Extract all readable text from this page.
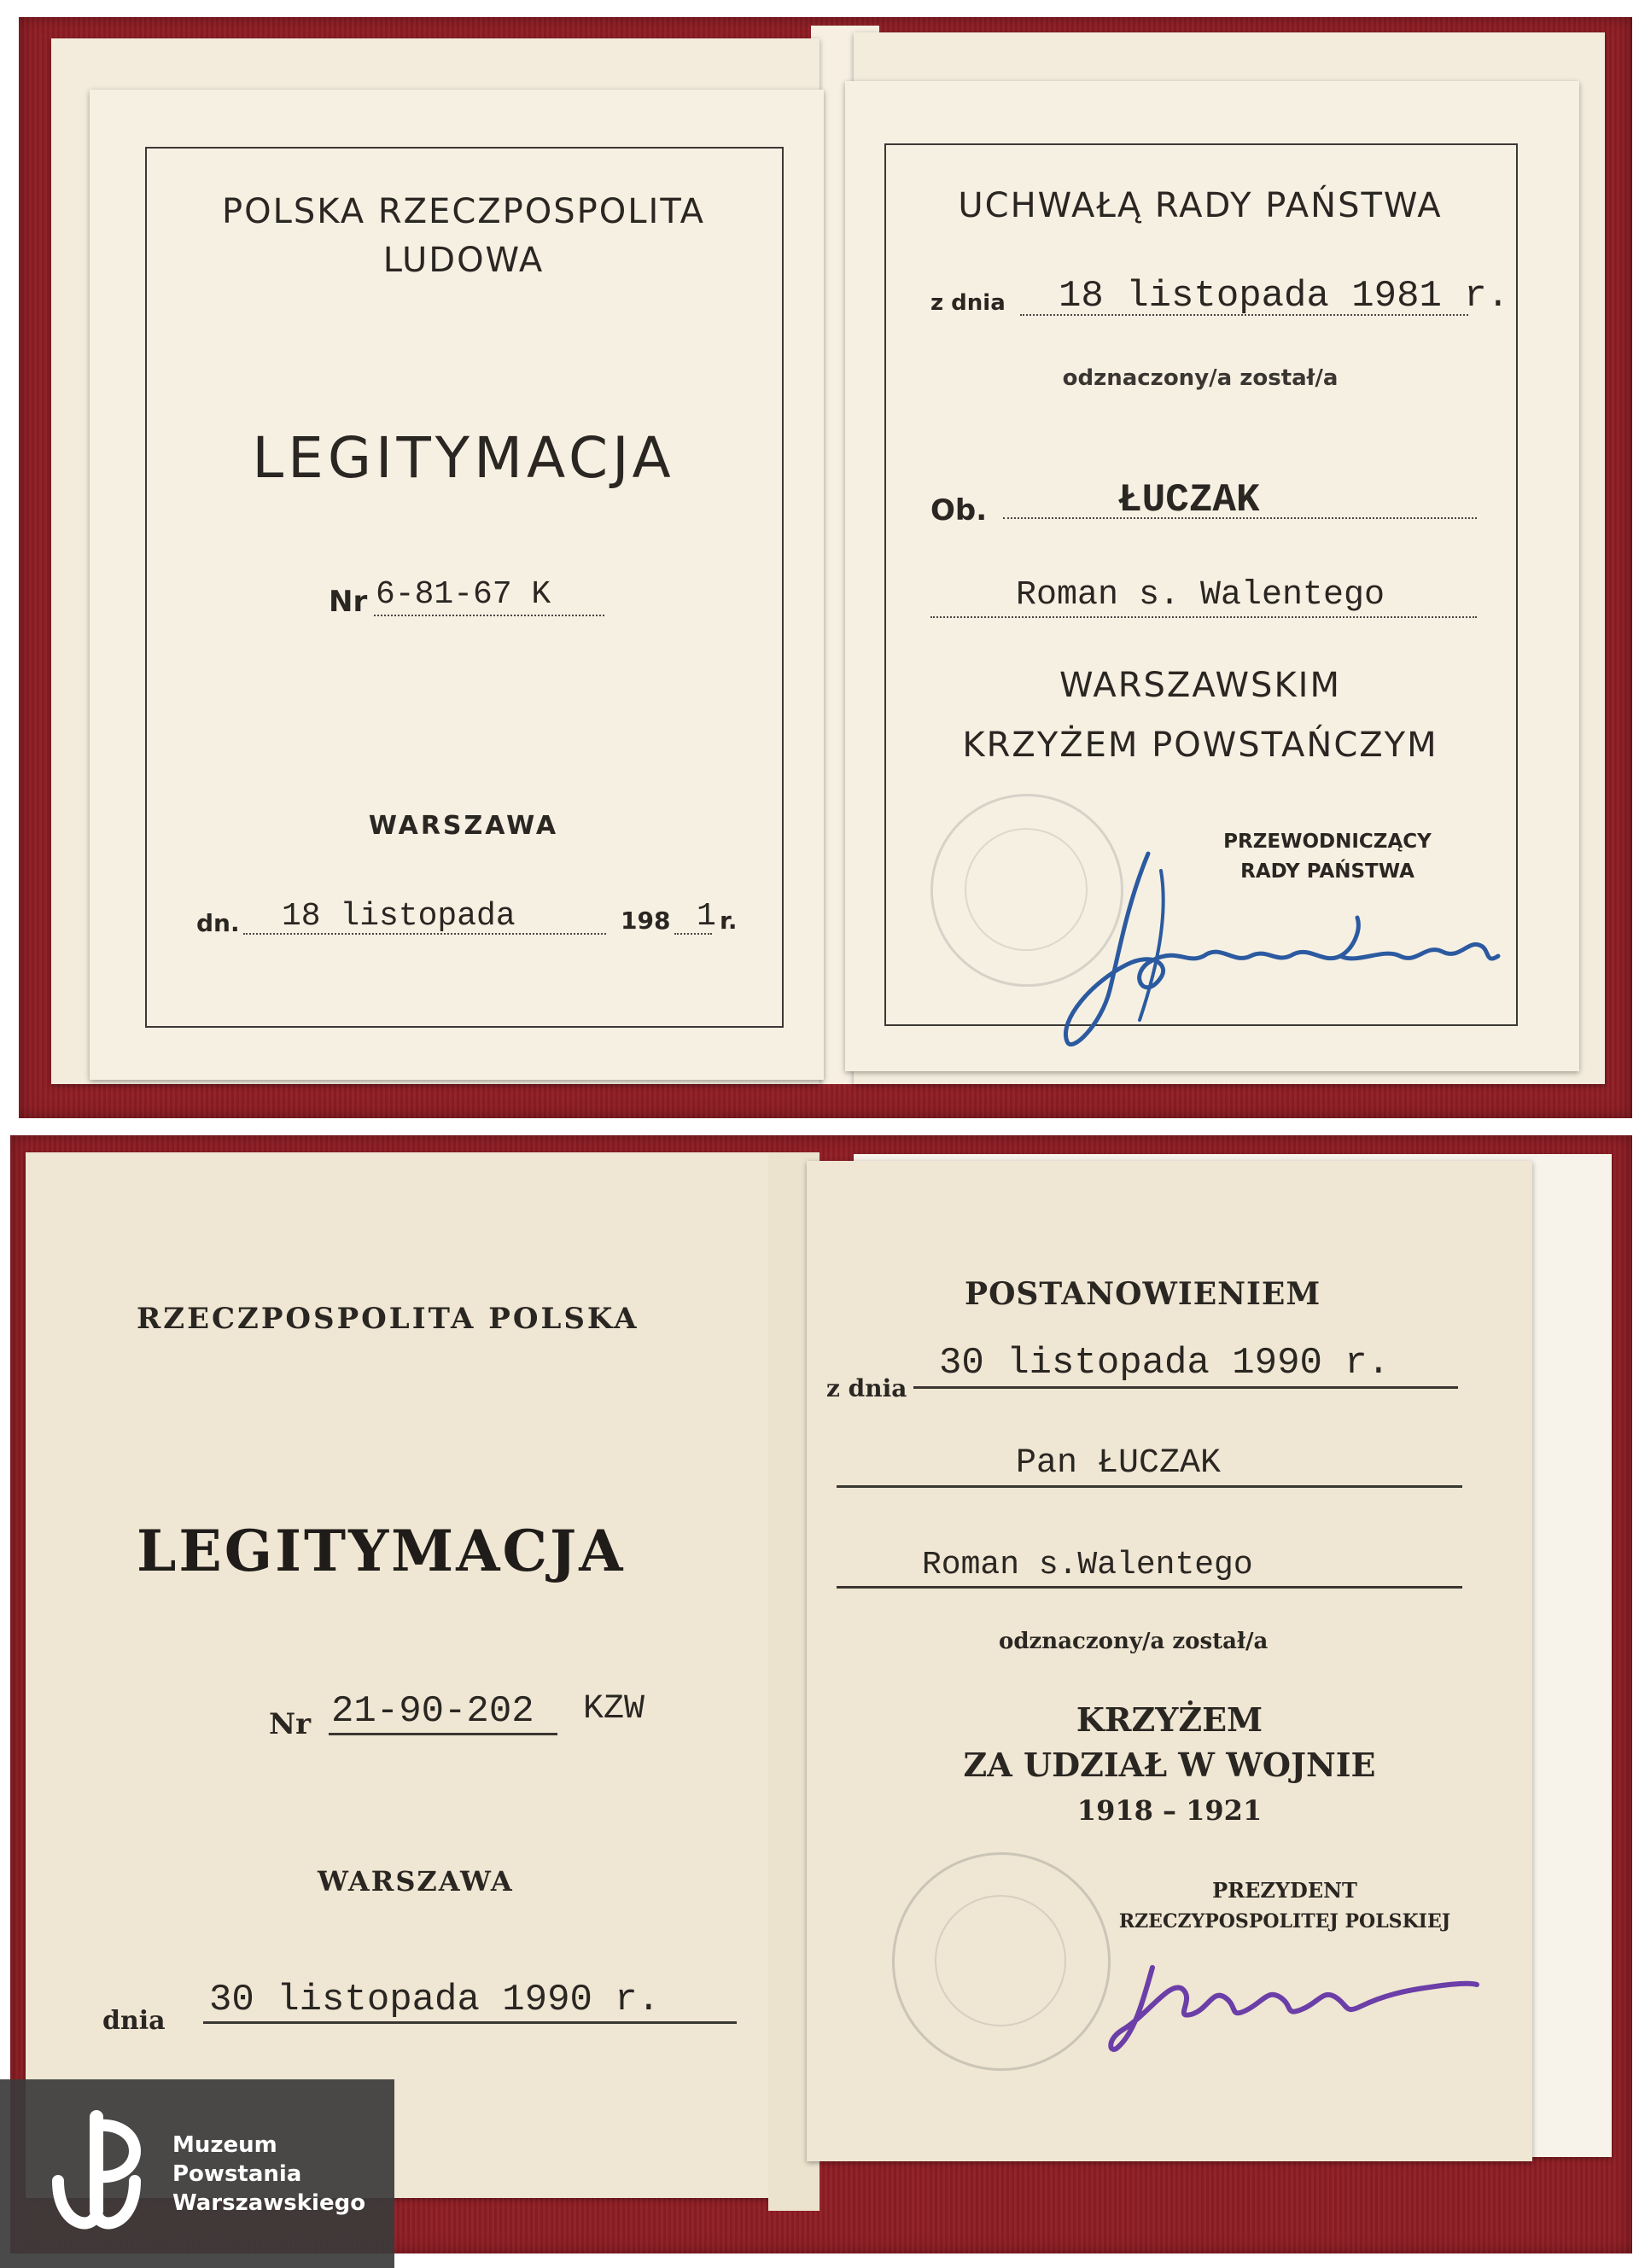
POLSKA RZECZPOSPOLITA
LUDOWA
LEGITYMACJA
Nr 6-81-67 K
WARSZAWA
dn. 18 listopada	198 1 r.
UCHWAŁĄ RADY PAŃSTWA
z dnia 18 listopada 1981 r.
odznaczony/a został/a
Ob.	ŁUCZAK
Roman s. Walentego
WARSZAWSKIM
KRZYŻEM POWSTAŃCZYM
PRZEWODNICZĄCY
RADY PAŃSTWA
RZECZPOSPOLITA POLSKA
LEGITYMACJA
Nr 21-90-202 KZW
WARSZAWA
dnia 30 listopada 1990 r.
POSTANOWIENIEM
z dnia
30 listopada 1990 r.
Pan ŁUCZAK
Roman s.Walentego
odznaczony/a został/a
KRZYŻEM
ZA UDZIAŁ W WOJNIE
1918 – 1921
PREZYDENT
RZECZYPOSPOLITEJ POLSKIEJ
Muzeum
Powstania
Warszawskiego
